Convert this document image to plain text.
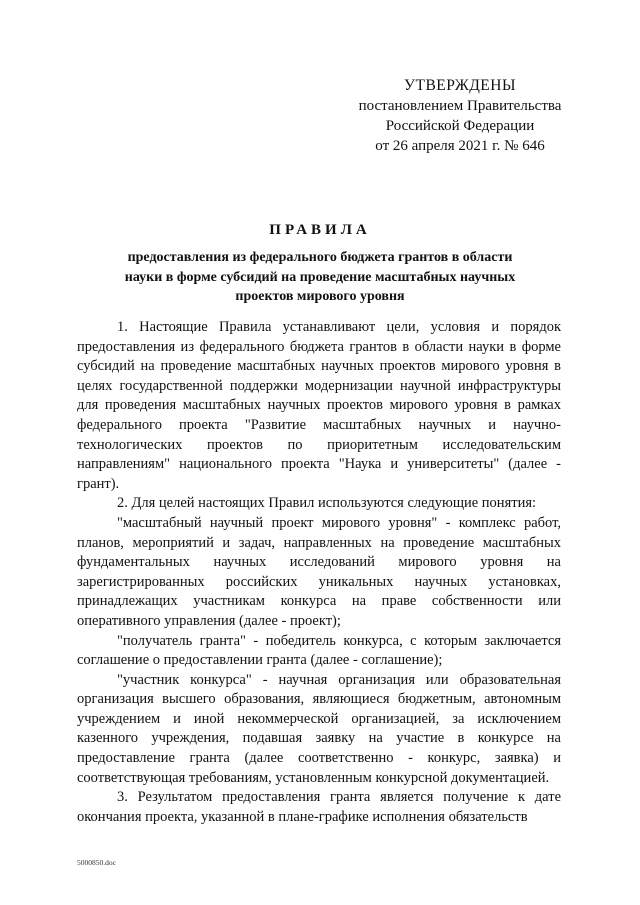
УТВЕРЖДЕНЫ
постановлением Правительства
Российской Федерации
от 26 апреля 2021 г. № 646
ПРАВИЛА
предоставления из федерального бюджета грантов в области науки в форме субсидий на проведение масштабных научных проектов мирового уровня

1. Настоящие Правила устанавливают цели, условия и порядок предоставления из федерального бюджета грантов в области науки в форме субсидий на проведение масштабных научных проектов мирового уровня в целях государственной поддержки модернизации научной инфраструктуры для проведения масштабных научных проектов мирового уровня в рамках федерального проекта "Развитие масштабных научных и научно-технологических проектов по приоритетным исследовательским направлениям" национального проекта "Наука и университеты" (далее - грант).

2. Для целей настоящих Правил используются следующие понятия:

"масштабный научный проект мирового уровня" - комплекс работ, планов, мероприятий и задач, направленных на проведение масштабных фундаментальных научных исследований мирового уровня на зарегистрированных российских уникальных научных установках, принадлежащих участникам конкурса на праве собственности или оперативного управления (далее - проект);

"получатель гранта" - победитель конкурса, с которым заключается соглашение о предоставлении гранта (далее - соглашение);

"участник конкурса" - научная организация или образовательная организация высшего образования, являющиеся бюджетным, автономным учреждением и иной некоммерческой организацией, за исключением казенного учреждения, подавшая заявку на участие в конкурсе на предоставление гранта (далее соответственно - конкурс, заявка) и соответствующая требованиям, установленным конкурсной документацией.

3. Результатом предоставления гранта является получение к дате окончания проекта, указанной в плане-графике исполнения обязательств

5000850.doc
